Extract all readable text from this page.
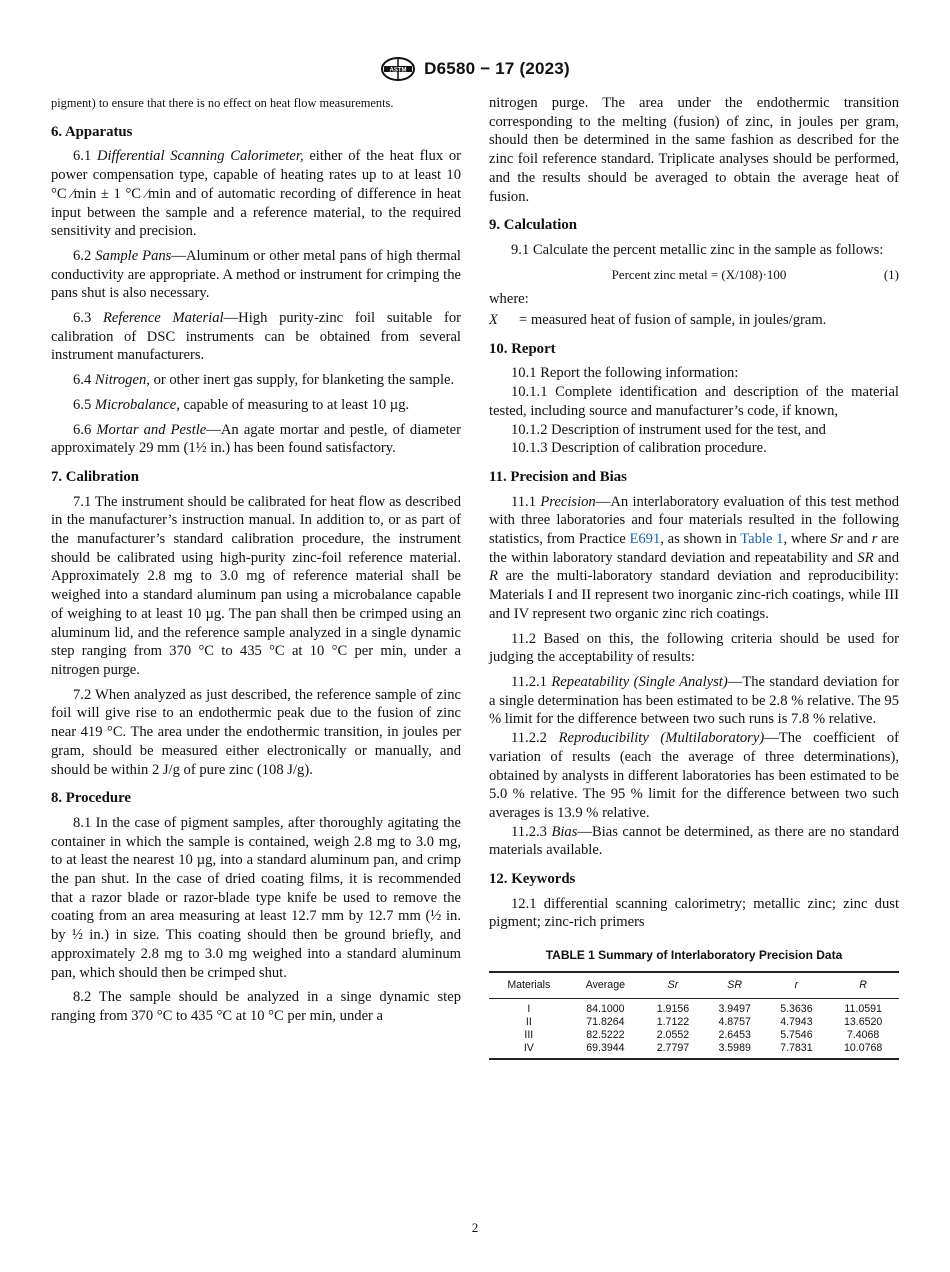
ASTM D6580 − 17 (2023)

pigment) to ensure that there is no effect on heat flow measurements.

6. Apparatus

6.1 Differential Scanning Calorimeter, either of the heat flux or power compensation type, capable of heating rates up to at least 10 °C ⁄min ± 1 °C ⁄min and of automatic recording of difference in heat input between the sample and a reference material, to the required sensitivity and precision.

6.2 Sample Pans—Aluminum or other metal pans of high thermal conductivity are appropriate. A method or instrument for crimping the pans shut is also necessary.

6.3 Reference Material—High purity-zinc foil suitable for calibration of DSC instruments can be obtained from several instrument manufacturers.

6.4 Nitrogen, or other inert gas supply, for blanketing the sample.

6.5 Microbalance, capable of measuring to at least 10 µg.

6.6 Mortar and Pestle—An agate mortar and pestle, of diameter approximately 29 mm (1½ in.) has been found satisfactory.

7. Calibration

7.1 The instrument should be calibrated for heat flow as described in the manufacturer’s instruction manual. In addition to, or as part of the manufacturer’s standard calibration procedure, the instrument should be calibrated using high-purity zinc-foil reference material. Approximately 2.8 mg to 3.0 mg of reference material shall be weighed into a standard aluminum pan using a microbalance capable of weighing to at least 10 µg. The pan shall then be crimped using an aluminum lid, and the reference sample analyzed in a single dynamic step ranging from 370 °C to 435 °C at 10 °C per min, under a nitrogen purge.

7.2 When analyzed as just described, the reference sample of zinc foil will give rise to an endothermic peak due to the fusion of zinc near 419 °C. The area under the endothermic transition, in joules per gram, should be measured either electronically or manually, and should be within 2 J/g of pure zinc (108 J/g).

8. Procedure

8.1 In the case of pigment samples, after thoroughly agitating the container in which the sample is contained, weigh 2.8 mg to 3.0 mg, to at least the nearest 10 µg, into a standard aluminum pan, and crimp the pan shut. In the case of dried coating films, it is recommended that a razor blade or razor-blade type knife be used to remove the coating from an area measuring at least 12.7 mm by 12.7 mm (½ in. by ½ in.) in size. This coating should then be ground briefly, and approximately 2.8 mg to 3.0 mg weighed into a standard aluminum pan, which should then be crimped shut.

8.2 The sample should be analyzed in a singe dynamic step ranging from 370 °C to 435 °C at 10 °C per min, under a

nitrogen purge. The area under the endothermic transition corresponding to the melting (fusion) of zinc, in joules per gram, should then be determined in the same fashion as described for the zinc foil reference standard. Triplicate analyses should be performed, and the results should be averaged to obtain the average heat of fusion.

9. Calculation

9.1 Calculate the percent metallic zinc in the sample as follows:

Percent zinc metal = (X/108)·100	(1)

where:

X	= measured heat of fusion of sample, in joules/gram.
10. Report

10.1 Report the following information:

10.1.1 Complete identification and description of the material tested, including source and manufacturer’s code, if known,

10.1.2 Description of instrument used for the test, and

10.1.3 Description of calibration procedure.

11. Precision and Bias

11.1 Precision—An interlaboratory evaluation of this test method with three laboratories and four materials resulted in the following statistics, from Practice E691, as shown in Table 1, where Sr and r are the within laboratory standard deviation and repeatability and SR and R are the multi-laboratory standard deviation and reproducibility: Materials I and II represent two inorganic zinc-rich coatings, while III and IV represent two organic zinc rich coatings.

11.2 Based on this, the following criteria should be used for judging the acceptability of results:

11.2.1 Repeatability (Single Analyst)—The standard deviation for a single determination has been estimated to be 2.8 % relative. The 95 % limit for the difference between two such runs is 7.8 % relative.

11.2.2 Reproducibility (Multilaboratory)—The coefficient of variation of results (each the average of three determinations), obtained by analysts in different laboratories has been estimated to be 5.0 % relative. The 95 % limit for the difference between two such averages is 13.9 % relative.

11.2.3 Bias—Bias cannot be determined, as there are no standard materials available.

12. Keywords

12.1 differential scanning calorimetry; metallic zinc; zinc dust pigment; zinc-rich primers

TABLE 1 Summary of Interlaboratory Precision Data
Materials	Average	Sr	SR	r	R
I	84.1000	1.9156	3.9497	5.3636	11.0591
II	71.8264	1.7122	4.8757	4.7943	13.6520
III	82.5222	2.0552	2.6453	5.7546	7.4068
IV	69.3944	2.7797	3.5989	7.7831	10.0768
2
